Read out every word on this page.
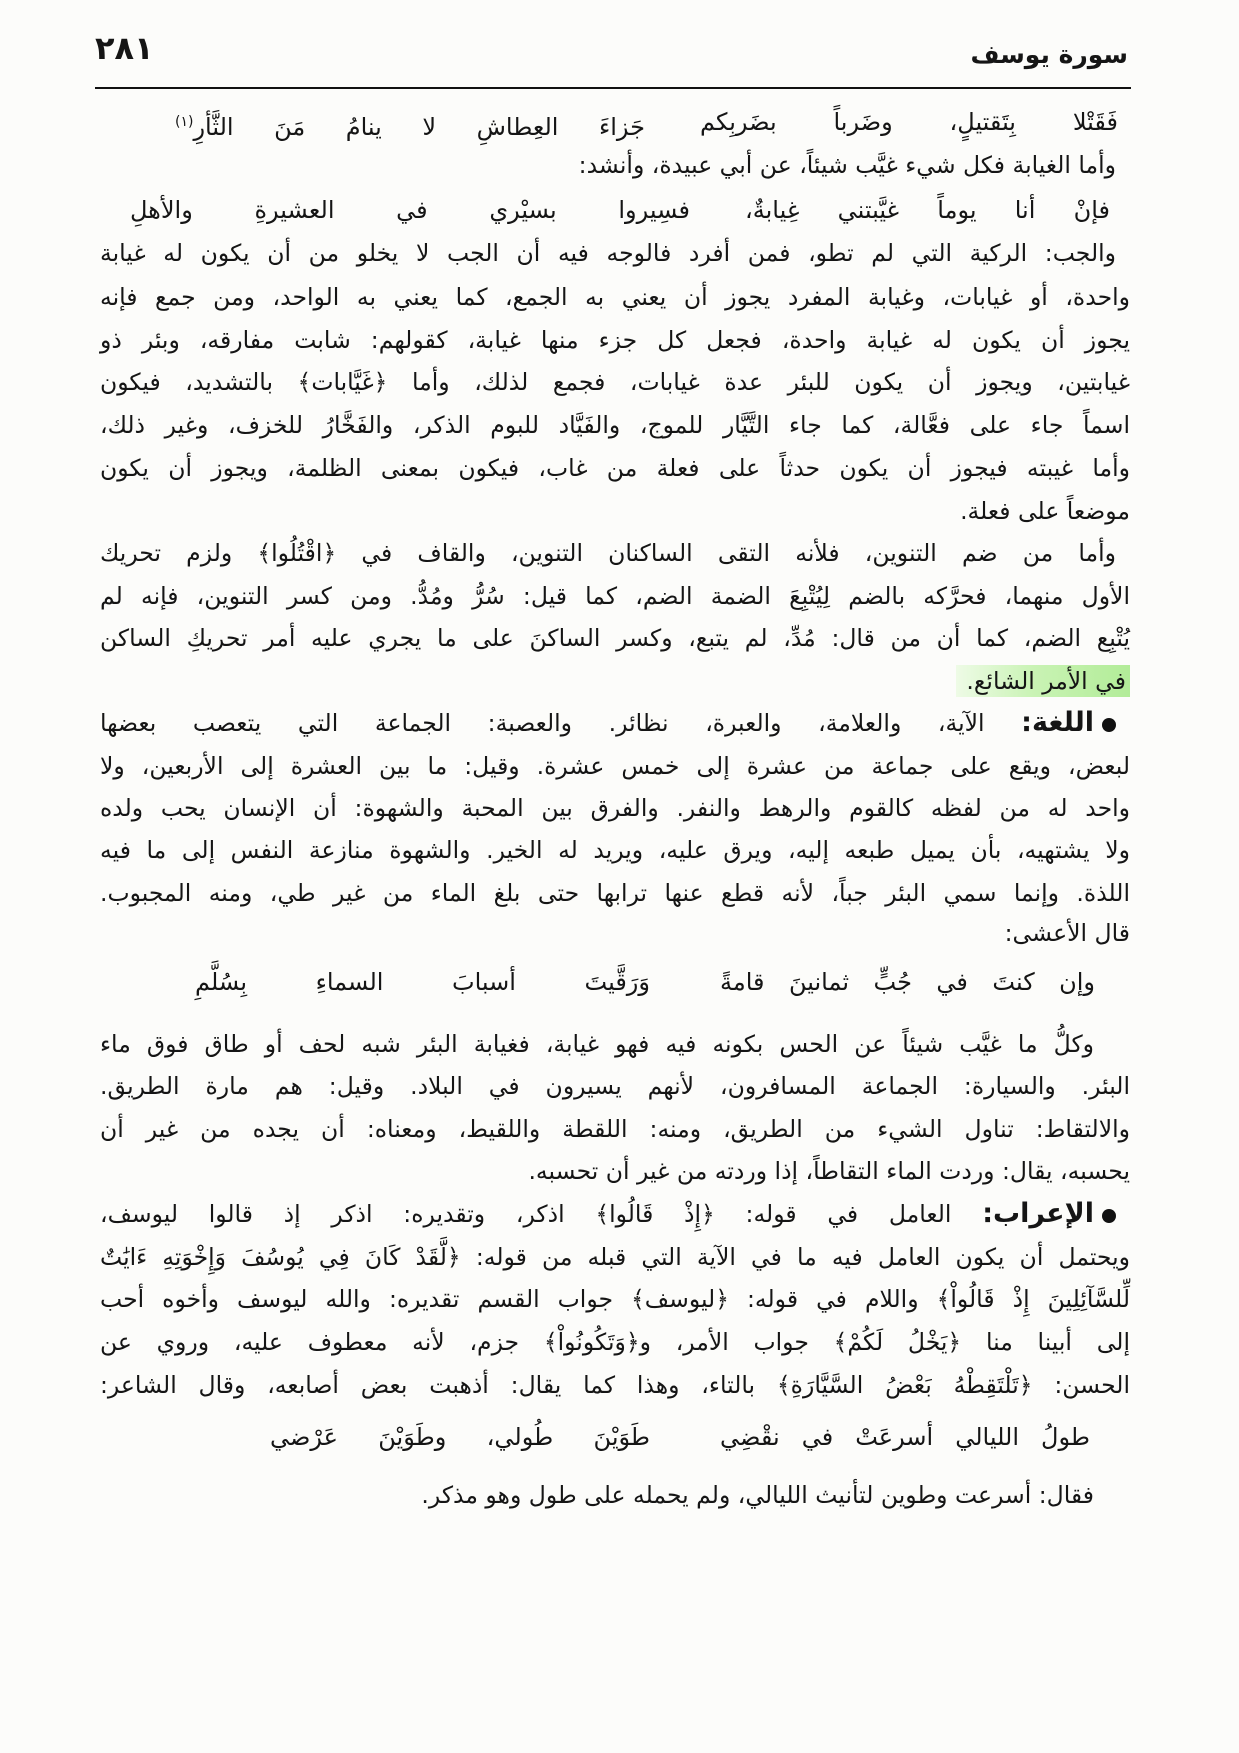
٢٨١	سورة يوسف
فَقَتْلا بِتَقتيلٍ، وضَرباً بضَربِكم
جَزاءَ العِطاشِ لا ينامُ مَنَ الثَّأرِ$^{(١)}$
وأما الغيابة فكل شيء غيَّب شيئاً، عن أبي عبيدة، وأنشد:
فإنْ أنا يوماً غيَّبتني غِيابةٌ،
فسِيروا بسيْري في العشيرةِ والأهلِ
والجب: الركية التي لم تطو، فمن أفرد فالوجه فيه أن الجب لا يخلو من أن يكون له غيابة
واحدة، أو غيابات، وغيابة المفرد يجوز أن يعني به الجمع، كما يعني به الواحد، ومن جمع فإنه
يجوز أن يكون له غيابة واحدة، فجعل كل جزء منها غيابة، كقولهم: شابت مفارقه، وبئر ذو
غيابتين، ويجوز أن يكون للبئر عدة غيابات، فجمع لذلك، وأما ﴿غَيَّابات﴾ بالتشديد، فيكون
اسماً جاء على فعَّالة، كما جاء التَّيَّار للموج، والفَيَّاد للبوم الذكر، والفَخَّارُ للخزف، وغير ذلك،
وأما غيبته فيجوز أن يكون حدثاً على فعلة من غاب، فيكون بمعنى الظلمة، ويجوز أن يكون
موضعاً على فعلة.
وأما من ضم التنوين، فلأنه التقى الساكنان التنوين، والقاف في ﴿اقْتُلُوا﴾ ولزم تحريك
الأول منهما، فحرَّكه بالضم لِيُتْبِعَ الضمة الضم، كما قيل: سُرُّ ومُدُّ. ومن كسر التنوين، فإنه لم
يُتْبِع الضم، كما أن من قال: مُدِّ، لم يتبع، وكسر الساكنَ على ما يجري عليه أمر تحريكِ الساكن
في الأمر الشائع.
اللغة: الآية، والعلامة، والعبرة، نظائر. والعصبة: الجماعة التي يتعصب بعضها
لبعض، ويقع على جماعة من عشرة إلى خمس عشرة. وقيل: ما بين العشرة إلى الأربعين، ولا
واحد له من لفظه كالقوم والرهط والنفر. والفرق بين المحبة والشهوة: أن الإنسان يحب ولده
ولا يشتهيه، بأن يميل طبعه إليه، ويرق عليه، ويريد له الخير. والشهوة منازعة النفس إلى ما فيه
اللذة. وإنما سمي البئر جباً، لأنه قطع عنها ترابها حتى بلغ الماء من غير طي، ومنه المجبوب.
قال الأعشى:
وإن كنتَ في جُبٍّ ثمانينَ قامةً
وَرَقَّيتَ أسبابَ السماءِ بِسُلَّمِ
وكلُّ ما غيَّب شيئاً عن الحس بكونه فيه فهو غيابة، فغيابة البئر شبه لحف أو طاق فوق ماء
البئر. والسيارة: الجماعة المسافرون، لأنهم يسيرون في البلاد. وقيل: هم مارة الطريق.
والالتقاط: تناول الشيء من الطريق، ومنه: اللقطة واللقيط، ومعناه: أن يجده من غير أن
يحسبه، يقال: وردت الماء التقاطاً، إذا وردته من غير أن تحسبه.
الإعراب: العامل في قوله: ﴿إِذْ قَالُوا﴾ اذكر، وتقديره: اذكر إذ قالوا ليوسف،
ويحتمل أن يكون العامل فيه ما في الآية التي قبله من قوله: ﴿لَّقَدْ كَانَ فِي يُوسُفَ وَإِخْوَتِهِ ءَايَٰتٌ
لِّلسَّآئِلِينَ إِذْ قَالُواْ﴾ واللام في قوله: ﴿ليوسف﴾ جواب القسم تقديره: والله ليوسف وأخوه أحب
إلى أبينا منا ﴿يَخْلُ لَكُمْ﴾ جواب الأمر، و﴿وَتَكُونُواْ﴾ جزم، لأنه معطوف عليه، وروي عن
الحسن: ﴿تَلْتَقِطْهُ بَعْضُ السَّيَّارَةِ﴾ بالتاء، وهذا كما يقال: أذهبت بعض أصابعه، وقال الشاعر:
طولُ الليالي أسرعَتْ في نقْضِي
طَوَيْنَ طُولي، وطَوَيْنَ عَرْضي
فقال: أسرعت وطوين لتأنيث الليالي، ولم يحمله على طول وهو مذكر.
